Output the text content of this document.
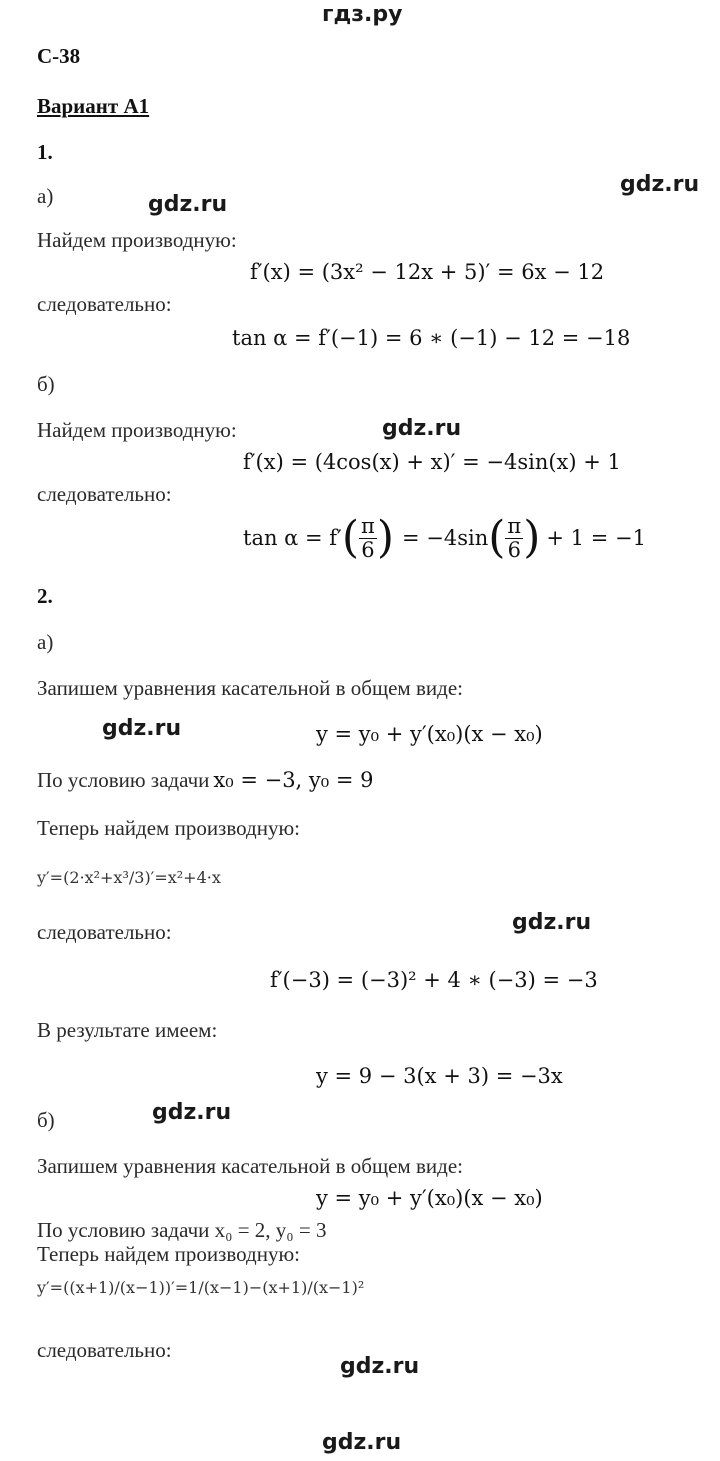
гдз.ру
С-38
Вариант А1
1.
а)	gdz.ru
gdz.ru
Найдем производную:
f′(x) = (3x² − 12x + 5)′ = 6x − 12
следовательно:
tan α = f′(−1) = 6 ∗ (−1) − 12 = −18
б)
Найдем производную:	gdz.ru
f′(x) = (4cos(x) + x)′ = −4sin(x) + 1
следовательно:
tan α = f′ ( $\frac{\pi}{6}$ ) = −4sin ( $\frac{\pi}{6}$ ) + 1 = −1
2.
а)
Запишем уравнения касательной в общем виде:
gdz.ru	y = y₀ + y′(x₀)(x − x₀)
По условию задачи x₀ = −3, y₀ = 9
Теперь найдем производную:
y′=(2·x²+x³/3)′=x²+4·x
следовательно:	gdz.ru
f′(−3) = (−3)² + 4 ∗ (−3) = −3
В результате имеем:
y = 9 − 3(x + 3) = −3x
б)	gdz.ru
Запишем уравнения касательной в общем виде:
y = y₀ + y′(x₀)(x − x₀)
По условию задачи x₀ = 2, y₀ = 3
Теперь найдем производную:
y′=((x+1)/(x−1))′=1/(x−1)−(x+1)/(x−1)²
следовательно:
gdz.ru
gdz.ru
